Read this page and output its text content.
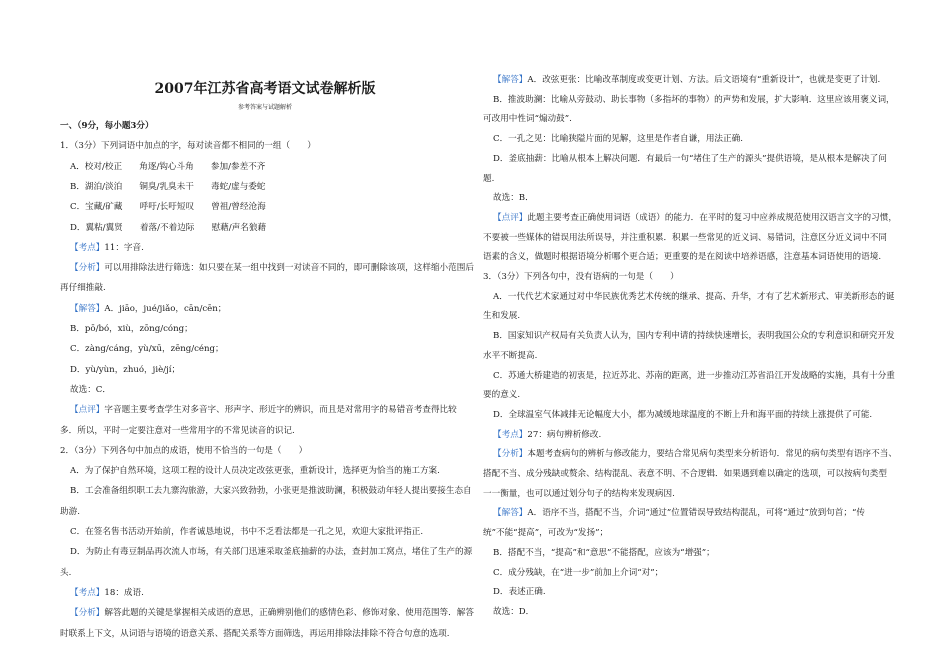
2007年江苏省高考语文试卷解析版
参考答案与试题解析
一、（9分，每小题3分）
1．（3分）下列词语中加点的字，每对读音都不相同的一组（　　）
A．校对/校正　　角逐/钩心斗角　　参加/参差不齐
B．湖泊/淡泊　　铜臭/乳臭未干　　毒蛇/虚与委蛇
C．宝藏/矿藏　　呼吁/长吁短叹　　曾祖/曾经沧海
D．翼粘/翼贤　　着落/不着边际　　慰藉/声名狼藉
【考点】11：字音.
【分析】可以用排除法进行筛选：如只要在某一组中找到一对读音不同的，即可删除该项，这样缩小范围后
再仔细推敲.
【解答】A．jiāo，jué/jiǎo，cān/cēn；
B．pō/bó，xiù，zōng/cóng；
C．zàng/cáng，yù/xū，zēng/céng；
D．yù/yùn，zhuó，jiè/jí；
故选：C．
【点评】字音题主要考查学生对多音字、形声字、形近字的辨识，而且是对常用字的易错音考查得比较
多．所以，平时一定要注意对一些常用字的不常见读音的识记.
2．（3分）下列各句中加点的成语，使用不恰当的一句是（　　）
A．为了保护自然环境，这项工程的设计人员决定改弦更张，重新设计，选择更为恰当的施工方案.
B．工会准备组织职工去九寨沟旅游，大家兴致勃勃，小张更是推波助澜，积极鼓动年轻人提出要接生态自
助游.
C．在签名售书活动开始前，作者诚恳地说，书中不乏看法都是一孔之见，欢迎大家批评指正.
D．为防止有毒豆制品再次流人市场，有关部门迅速采取釜底抽薪的办法，查封加工窝点，堵住了生产的源
头.
【考点】18：成语.
【分析】解答此题的关键是掌握相关成语的意思，正确辨别他们的感情色彩、修饰对象、使用范围等．解答
时联系上下文，从词语与语境的语意关系、搭配关系等方面筛选，再运用排除法排除不符合句意的选项.
【解答】A．改弦更张：比喻改革制度或变更计划、方法。后文语境有“重新设计”，也就是变更了计划.
B．推波助澜：比喻从旁鼓动、助长事物（多指坏的事物）的声势和发展，扩大影响．这里应该用褒义词，
可改用中性词“煽动鼓”.
C．一孔之见：比喻狭隘片面的见解，这里是作者自谦，用法正确.
D．釜底抽薪：比喻从根本上解决问题．有最后一句“堵住了生产的源头”提供语境，是从根本是解决了问
题.
故选：B．
【点评】此题主要考查正确使用词语（成语）的能力．在平时的复习中应养成规范使用汉语言文字的习惯，
不要被一些媒体的错误用法所误导，并注重积累．积累一些常见的近义词、易错词，注意区分近义词中不同
语素的含义，做题时根据语境分析哪个更合适；更重要的是在阅读中培养语感，注意基本词语使用的语境.
3．（3分）下列各句中，没有语病的一句是（　　）
A．一代代艺术家通过对中华民族优秀艺术传统的继承、提高、升华，才有了艺术新形式、审美新形态的诞
生和发展.
B．国家知识产权局有关负责人认为，国内专利申请的持续快速增长，表明我国公众的专利意识和研究开发
水平不断提高.
C．苏通大桥建造的初衷是，拉近苏北、苏南的距离，进一步推动江苏省沿江开发战略的实施，具有十分重
要的意义.
D．全球温室气体减排无论幅度大小，都为减缓地球温度的不断上升和海平面的持续上涨提供了可能.
【考点】27：病句辨析修改.
【分析】本题考查病句的辨析与修改能力，要结合常见病句类型来分析语句．常见的病句类型有语序不当、
搭配不当、成分残缺或赘余、结构混乱、表意不明、不合逻辑．如果遇到难以确定的选项，可以按病句类型
一一衡量，也可以通过划分句子的结构来发现病因.
【解答】A．语序不当，搭配不当，介词“通过”位置错误导致结构混乱，可将“通过”放到句首；“传
统”不能“提高”，可改为“发扬”；
B．搭配不当，“提高”和“意思”不能搭配，应该为“增强”；
C．成分残缺，在“进一步”前加上介词“对”；
D．表述正确.
故选：D．
